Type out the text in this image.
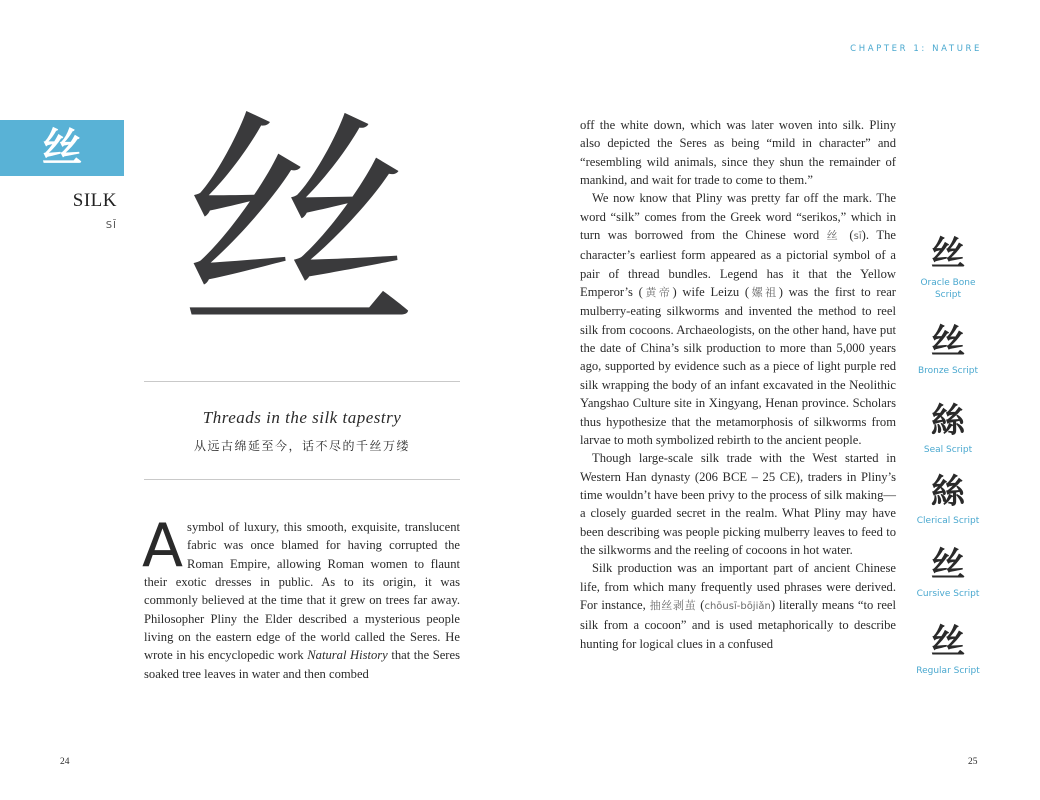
CHAPTER 1: NATURE
丝
SILK
SĪ 丝
Threads in the silk tapestry
从远古绵延至今，话不尽的千丝万缕

Asymbol of luxury, this smooth, exquisite, translucent fabric was once blamed for having corrupted the Roman Empire, allowing Roman women to flaunt their exotic dresses in public. As to its origin, it was commonly believed at the time that it grew on trees far away. Philosopher Pliny the Elder described a mysterious people living on the eastern edge of the world called the Seres. He wrote in his encyclopedic work Natural History that the Seres soaked tree leaves in water and then combed

off the white down, which was later woven into silk. Pliny also depicted the Seres as being “mild in character” and “resembling wild animals, since they shun the remainder of mankind, and wait for trade to come to them.”

We now know that Pliny was pretty far off the mark. The word “silk” comes from the Greek word “serikos,” which in turn was borrowed from the Chinese word 丝 (sī). The character’s earliest form appeared as a pictorial symbol of a pair of thread bundles. Legend has it that the Yellow Emperor’s (黄帝) wife Leizu (嫘祖) was the first to rear mulberry-eating silkworms and invented the method to reel silk from cocoons. Archaeologists, on the other hand, have put the date of China’s silk production to more than 5,000 years ago, supported by evidence such as a piece of light purple red silk wrapping the body of an infant excavated in the Neolithic Yangshao Culture site in Xingyang, Henan province. Scholars thus hypothesize that the metamorphosis of silkworms from larvae to moth symbolized rebirth to the ancient people.

Though large-scale silk trade with the West started in Western Han dynasty (206 BCE – 25 CE), traders in Pliny’s time wouldn’t have been privy to the process of silk making—a closely guarded secret in the realm. What Pliny may have been describing was people picking mulberry leaves to feed to the silkworms and the reeling of cocoons in hot water.

Silk production was an important part of ancient Chinese life, from which many frequently used phrases were derived. For instance, 抽丝剥茧 (chōusī-bōjiǎn) literally means “to reel silk from a cocoon” and is used metaphorically to describe hunting for logical clues in a confused

丝
Oracle Bone Script
丝
Bronze Script
絲
Seal Script
絲
Clerical Script
丝
Cursive Script
丝
Regular Script
24	25
